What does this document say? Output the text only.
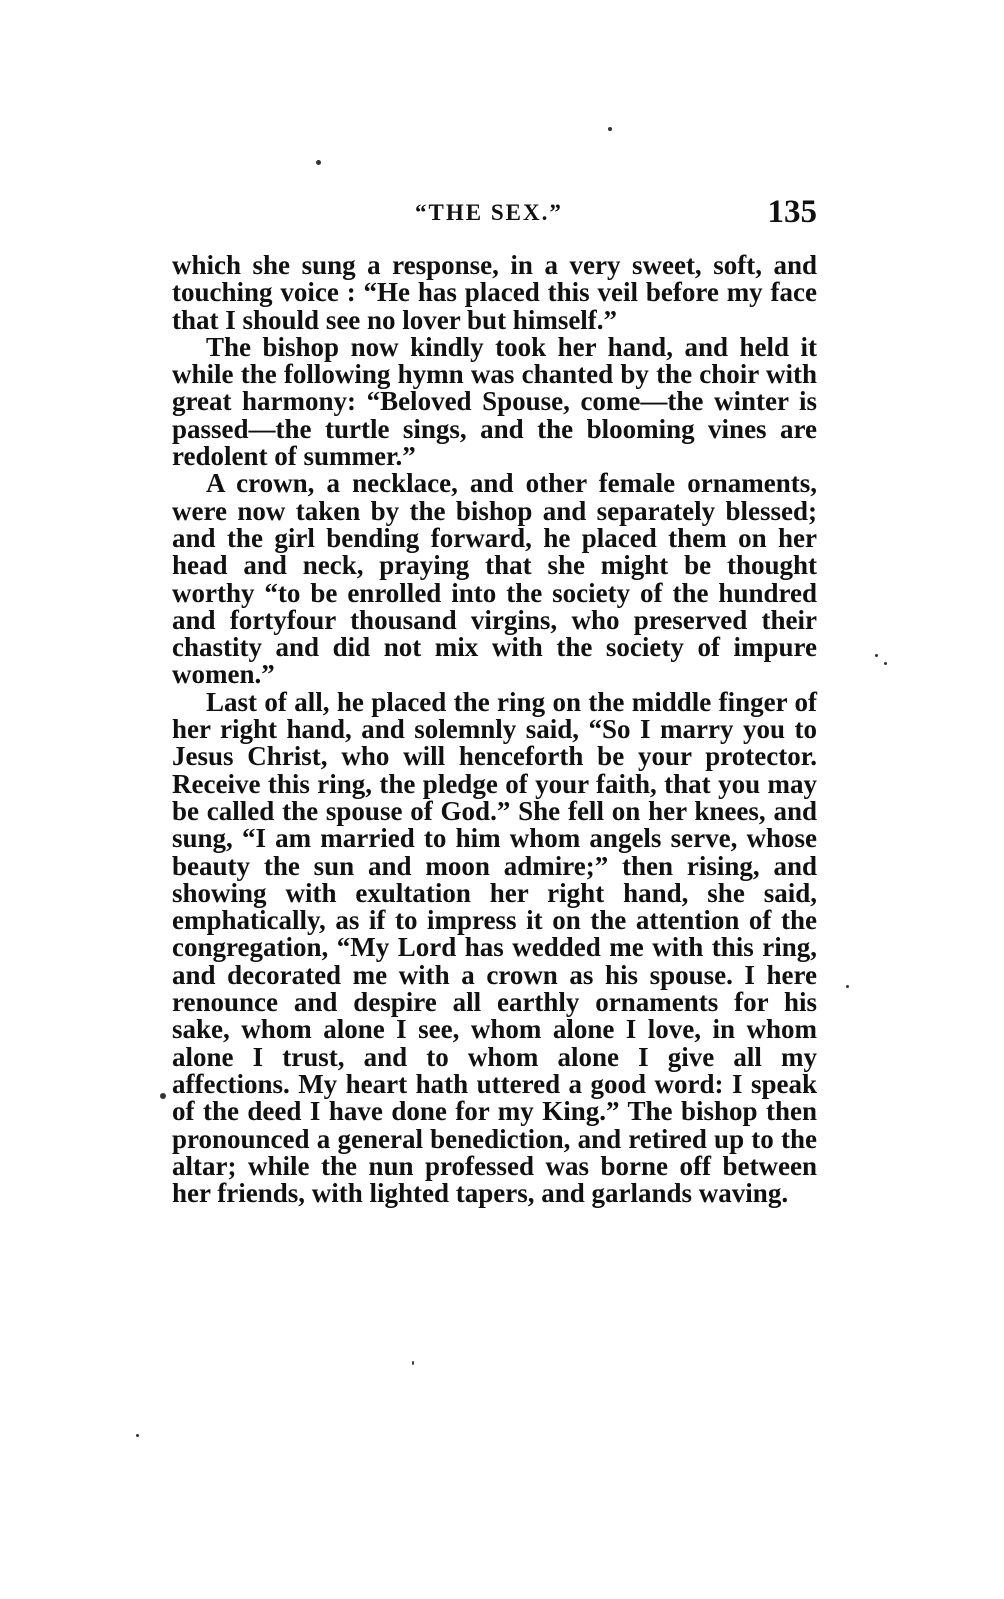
“THE SEX.”	135

which she sung a response, in a very sweet, soft, and touching voice : “He has placed this veil before my face that I should see no lover but himself.”

The bishop now kindly took her hand, and held it while the following hymn was chanted by the choir with great harmony: “Beloved Spouse, come—the winter is passed—the turtle sings, and the blooming vines are redolent of summer.”

A crown, a necklace, and other female ornaments, were now taken by the bishop and separately blessed; and the girl bending forward, he placed them on her head and neck, praying that she might be thought worthy “to be enrolled into the society of the hundred and fortyfour thousand virgins, who preserved their chastity and did not mix with the society of impure women.”

Last of all, he placed the ring on the middle finger of her right hand, and solemnly said, “So I marry you to Jesus Christ, who will henceforth be your protector. Receive this ring, the pledge of your faith, that you may be called the spouse of God.” She fell on her knees, and sung, “I am married to him whom angels serve, whose beauty the sun and moon admire;” then rising, and showing with exultation her right hand, she said, emphatically, as if to impress it on the attention of the congregation, “My Lord has wedded me with this ring, and decorated me with a crown as his spouse. I here renounce and despire all earthly ornaments for his sake, whom alone I see, whom alone I love, in whom alone I trust, and to whom alone I give all my affections. My heart hath uttered a good word: I speak of the deed I have done for my King.” The bishop then pronounced a general benediction, and retired up to the altar; while the nun professed was borne off between her friends, with lighted tapers, and garlands waving.
